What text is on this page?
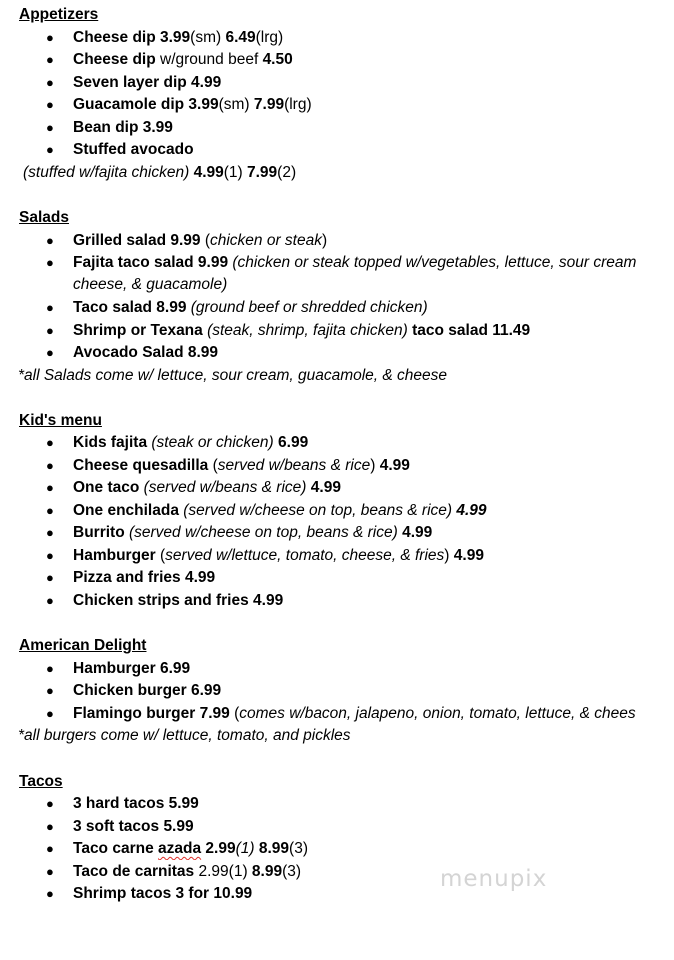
Appetizers
● Cheese dip 3.99(sm) 6.49(lrg)
● Cheese dip w/ground beef 4.50
● Seven layer dip 4.99
● Guacamole dip 3.99(sm) 7.99(lrg)
● Bean dip 3.99
● Stuffed avocado
(stuffed w/fajita chicken) 4.99(1) 7.99(2)
Salads
● Grilled salad 9.99 (chicken or steak)
● Fajita taco salad 9.99 (chicken or steak topped w/vegetables, lettuce, sour cream
cheese, & guacamole)
● Taco salad 8.99 (ground beef or shredded chicken)
● Shrimp or Texana (steak, shrimp, fajita chicken) taco salad 11.49
● Avocado Salad 8.99
*all Salads come w/ lettuce, sour cream, guacamole, & cheese
Kid's menu
● Kids fajita (steak or chicken) 6.99
● Cheese quesadilla (served w/beans & rice) 4.99
● One taco (served w/beans & rice) 4.99
● One enchilada (served w/cheese on top, beans & rice) 4.99
● Burrito (served w/cheese on top, beans & rice) 4.99
● Hamburger (served w/lettuce, tomato, cheese, & fries) 4.99
● Pizza and fries 4.99
● Chicken strips and fries 4.99
American Delight
● Hamburger 6.99
● Chicken burger 6.99
● Flamingo burger 7.99 (comes w/bacon, jalapeno, onion, tomato, lettuce, & chees
*all burgers come w/ lettuce, tomato, and pickles
Tacos
● 3 hard tacos 5.99
● 3 soft tacos 5.99
● Taco carne azada 2.99(1) 8.99(3)
● Taco de carnitas 2.99(1) 8.99(3)
● Shrimp tacos 3 for 10.99
menupix
